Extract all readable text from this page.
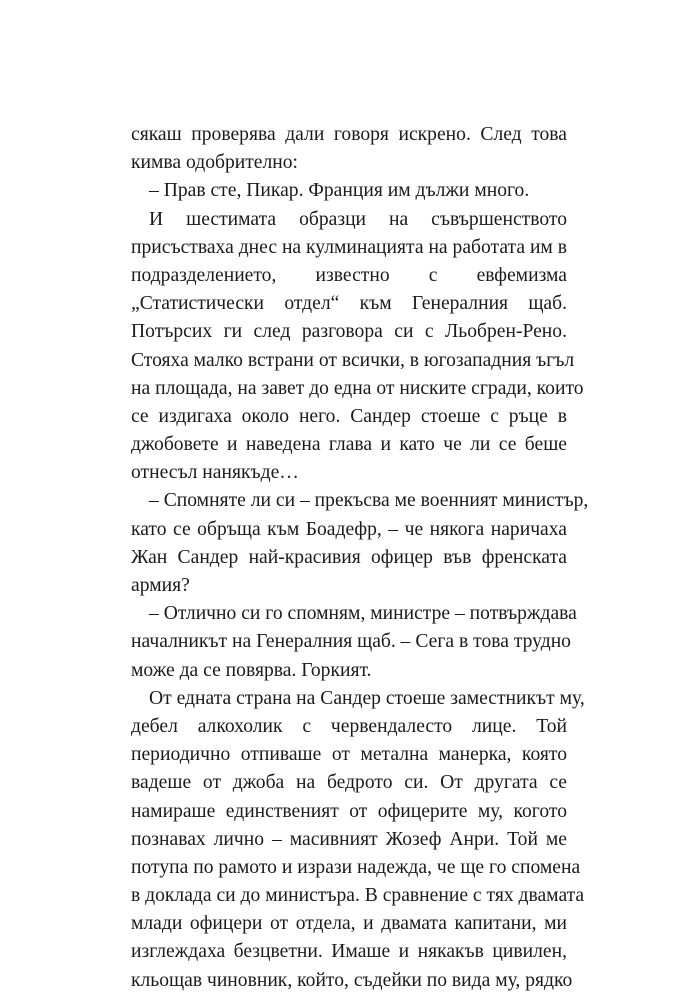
сякаш проверява дали говоря искрено. След това
кимва одобрително:
– Прав сте, Пикар. Франция им дължи много.
И шестимата образци на съвършенството
присъстваха днес на кулминацията на работата им в
подразделението, известно с евфемизма
„Статистически отдел“ към Генералния щаб.
Потърсих ги след разговора си с Льобрен-Рено.
Стояха малко встрани от всички, в югозападния ъгъл
на площада, на завет до една от ниските сгради, които
се издигаха около него. Сандер стоеше с ръце в
джобовете и наведена глава и като че ли се беше
отнесъл нанякъде…
– Спомняте ли си – прекъсва ме военният министър,
като се обръща към Боадефр, – че някога наричаха
Жан Сандер най-красивия офицер във френската
армия?
– Отлично си го спомням, министре – потвърждава
началникът на Генералния щаб. – Сега в това трудно
може да се повярва. Горкият.
От едната страна на Сандер стоеше заместникът му,
дебел алкохолик с червендалесто лице. Той
периодично отпиваше от метална манерка, която
вадеше от джоба на бедрото си. От другата се
намираше единственият от офицерите му, когото
познавах лично – масивният Жозеф Анри. Той ме
потупа по рамото и изрази надежда, че ще го спомена
в доклада си до министъра. В сравнение с тях двамата
млади офицери от отдела, и двамата капитани, ми
изглеждаха безцветни. Имаше и някакъв цивилен,
кльощав чиновник, който, съдейки по вида му, рядко
